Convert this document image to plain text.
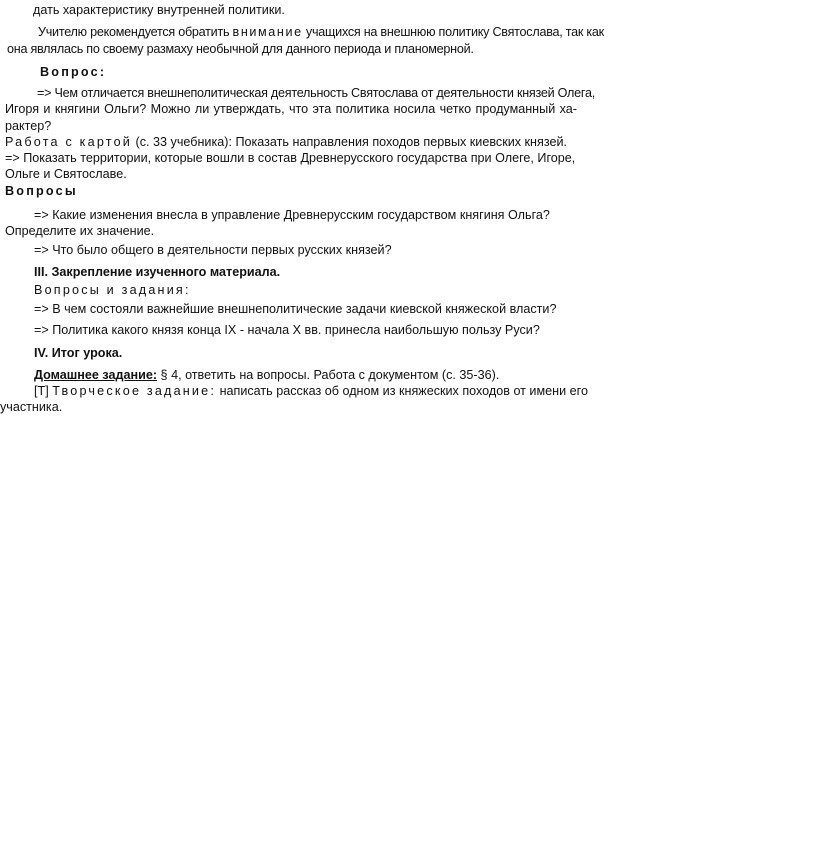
дать характеристику внутренней политики.
Учителю рекомендуется обратить внимание учащихся на внешнюю политику Святослава, так как
она являлась по своему размаху необычной для данного периода и планомерной.
Вопрос:
=> Чем отличается внешнеполитическая деятельность Святослава от деятельности князей Олега,
Игоря и княгини Ольги? Можно ли утверждать, что эта политика носила четко продуманный ха-
рактер?
Работа с картой (с. 33 учебника): Показать направления походов первых киевских князей.
=> Показать территории, которые вошли в состав Древнерусского государства при Олеге, Игоре,
Ольге и Святославе.
Вопросы
=> Какие изменения внесла в управление Древнерусским государством княгиня Ольга?
Определите их значение.
=> Что было общего в деятельности первых русских князей?
III. Закрепление изученного материала.
Вопросы и задания:
=> В чем состояли важнейшие внешнеполитические задачи киевской княжеской власти?
=> Политика какого князя конца IX - начала X вв. принесла наибольшую пользу Руси?
IV. Итог урока.
Домашнее задание: § 4, ответить на вопросы. Работа с документом (с. 35-36).
[Т] Творческое задание: написать рассказ об одном из княжеских походов от имени его
участника.
